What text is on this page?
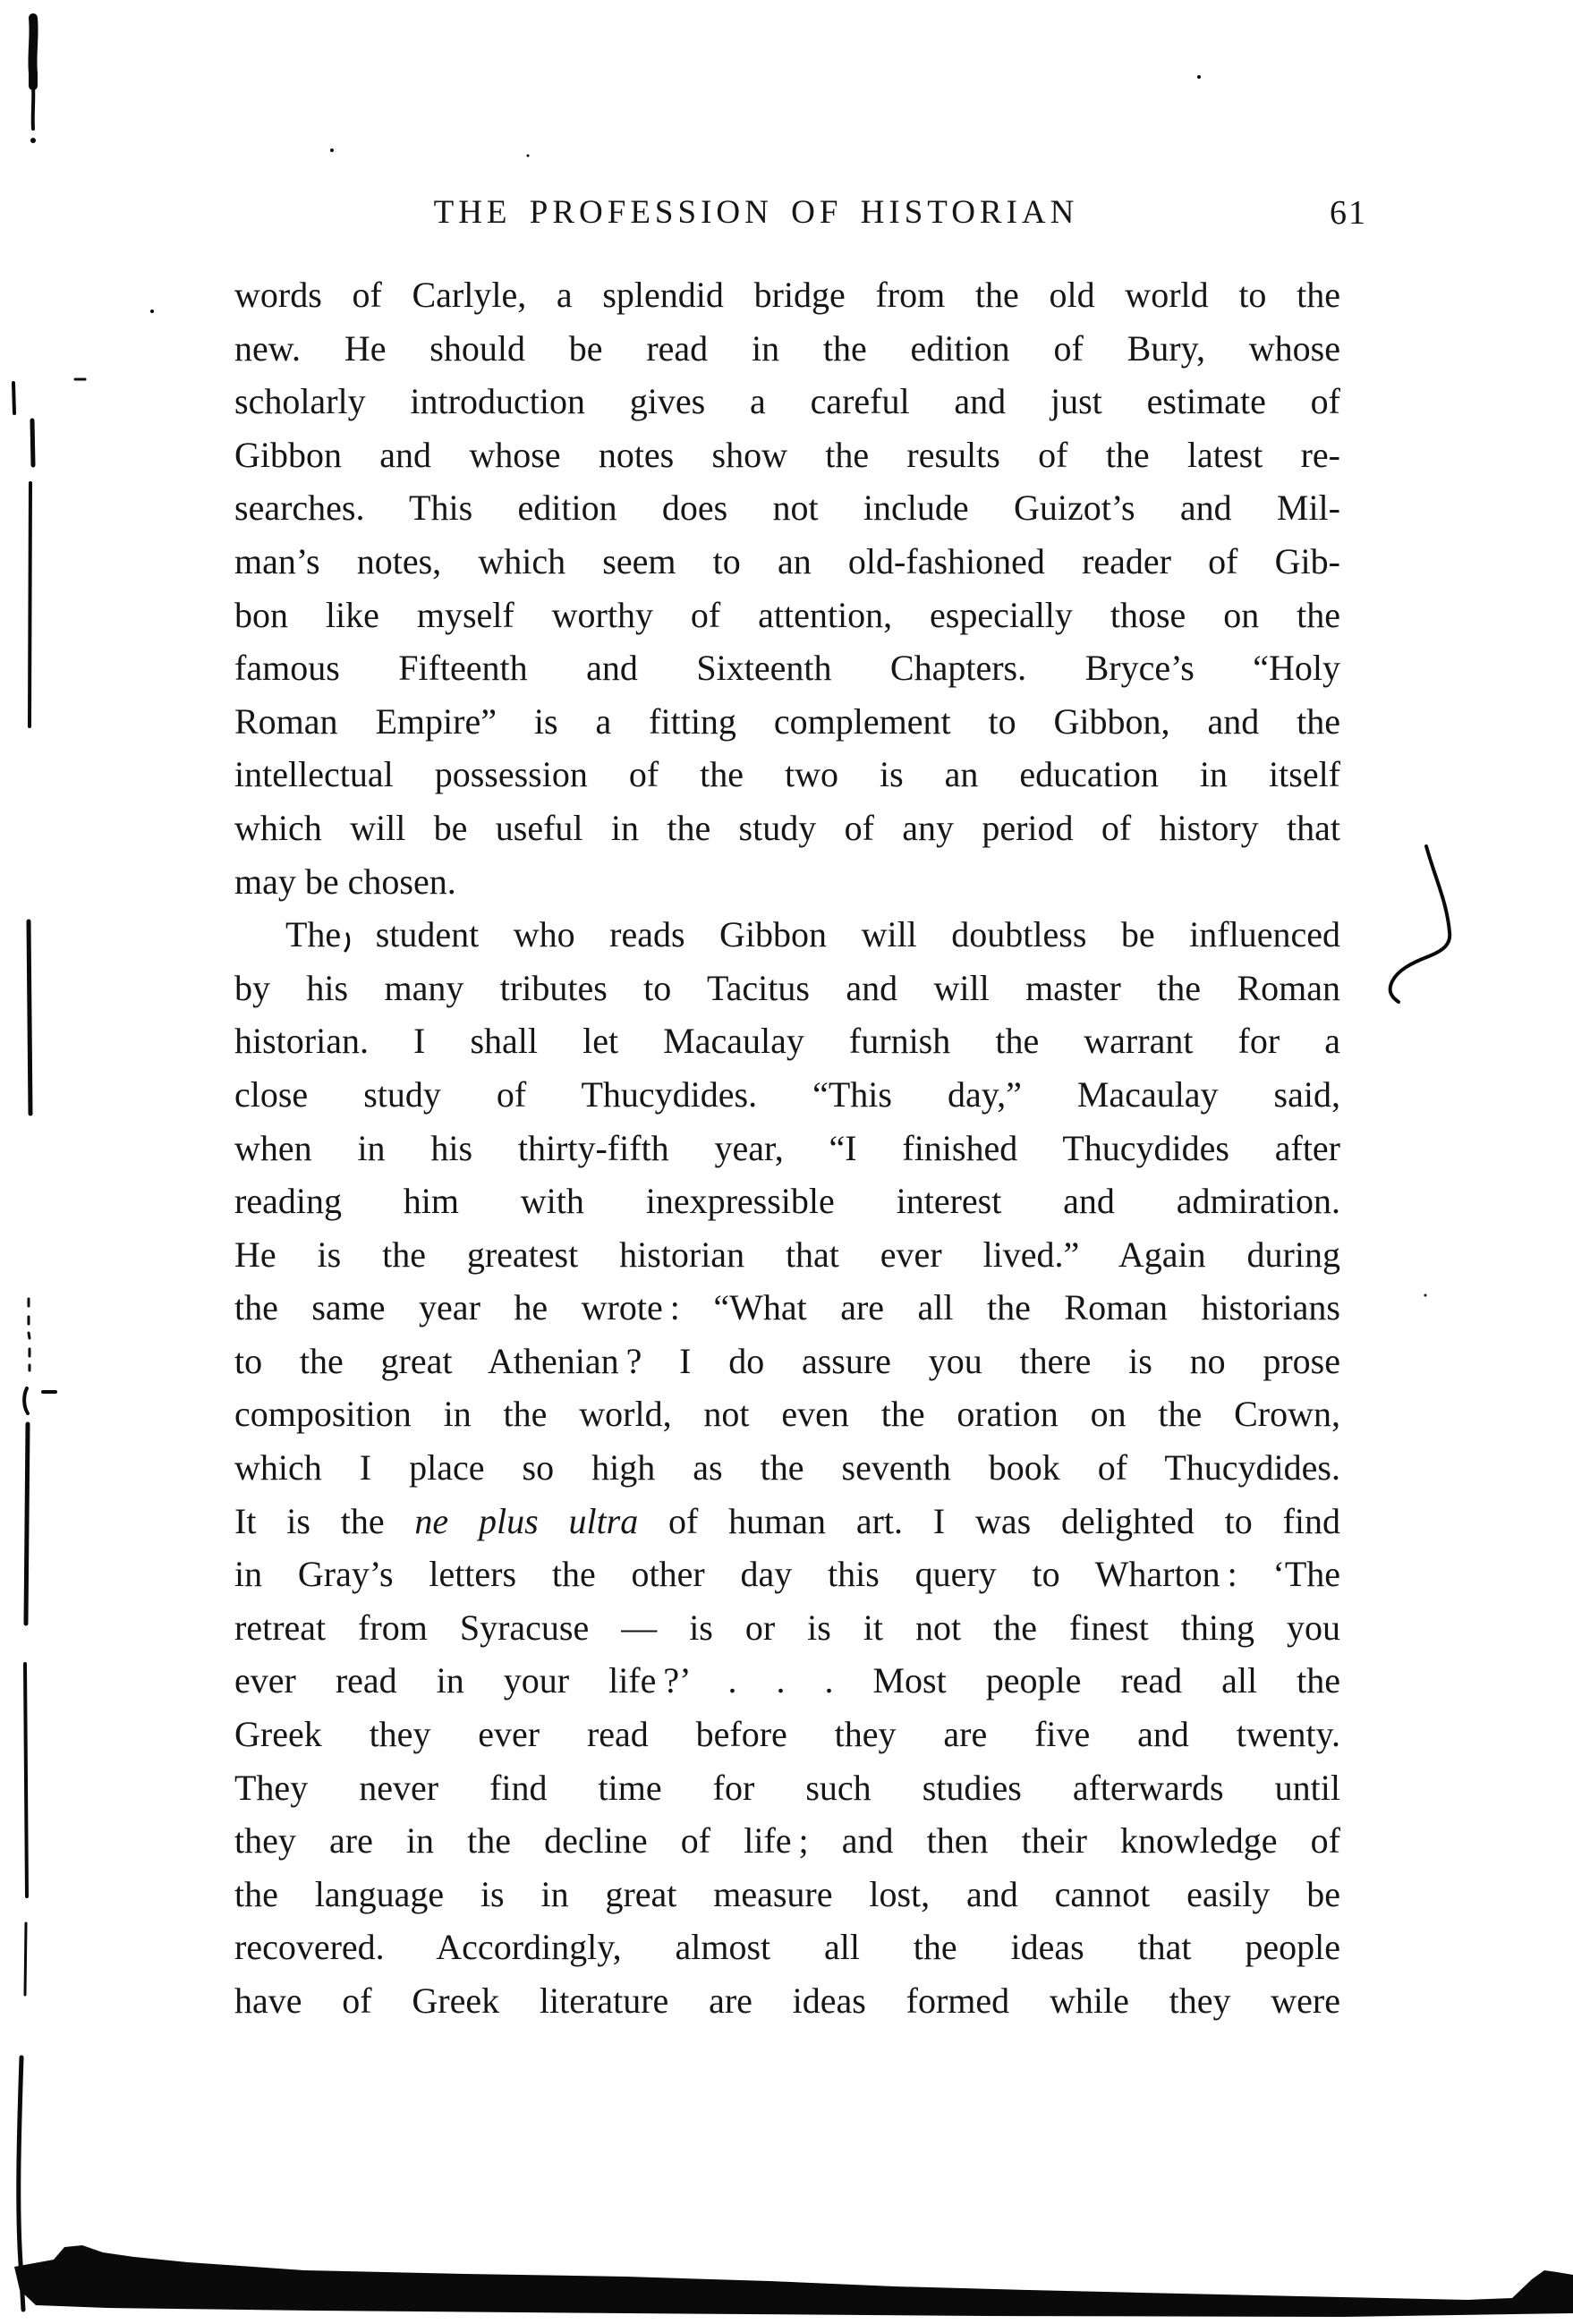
THE PROFESSION OF HISTORIAN	61
words of Carlyle, a splendid bridge from the old world to the
new. He should be read in the edition of Bury, whose
scholarly introduction gives a careful and just estimate of
Gibbon and whose notes show the results of the latest re-
searches. This edition does not include Guizot’s and Mil-
man’s notes, which seem to an old-fashioned reader of Gib-
bon like myself worthy of attention, especially those on the
famous Fifteenth and Sixteenth Chapters. Bryce’s “Holy
Roman Empire” is a fitting complement to Gibbon, and the
intellectual possession of the two is an education in itself
which will be useful in the study of any period of history that
may be chosen.
The student who reads Gibbon will doubtless be influenced
by his many tributes to Tacitus and will master the Roman
historian. I shall let Macaulay furnish the warrant for a
close study of Thucydides. “This day,” Macaulay said,
when in his thirty-fifth year, “I finished Thucydides after
reading him with inexpressible interest and admiration.
He is the greatest historian that ever lived.” Again during
the same year he wrote : “What are all the Roman historians
to the great Athenian ? I do assure you there is no prose
composition in the world, not even the oration on the Crown,
which I place so high as the seventh book of Thucydides.
It is the ne plus ultra of human art. I was delighted to find
in Gray’s letters the other day this query to Wharton : ‘The
retreat from Syracuse — is or is it not the finest thing you
ever read in your life ?’ . . . Most people read all the
Greek they ever read before they are five and twenty.
They never find time for such studies afterwards until
they are in the decline of life ; and then their knowledge of
the language is in great measure lost, and cannot easily be
recovered. Accordingly, almost all the ideas that people
have of Greek literature are ideas formed while they were
